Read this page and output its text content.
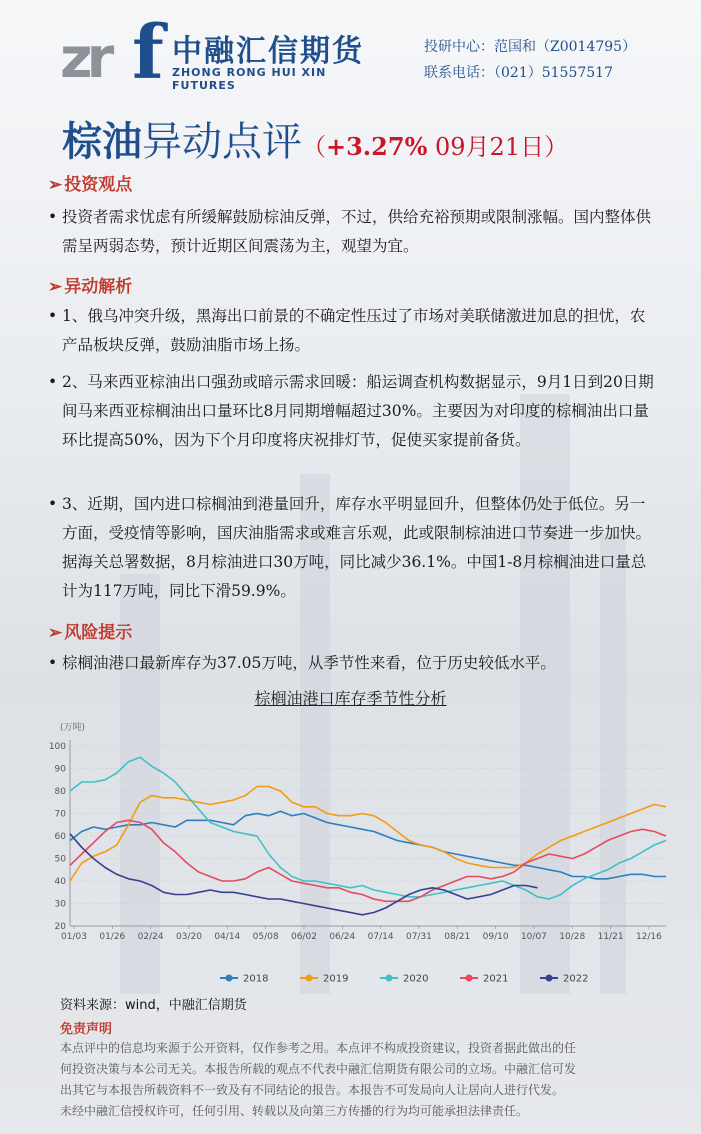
zr f 中融汇信期货
ZHONG RONG HUI XIN FUTURES
投研中心：范国和（Z0014795）
联系电话：（021）51557517
棕油异动点评（+3.27% 09月21日）
➢ 投资观点
• 投资者需求忧虑有所缓解鼓励棕油反弹，不过，供给充裕预期或限制涨幅。国内整体供需呈两弱态势，预计近期区间震荡为主，观望为宜。
➢ 异动解析
• 1、俄乌冲突升级，黑海出口前景的不确定性压过了市场对美联储激进加息的担忧，农产品板块反弹，鼓励油脂市场上扬。
• 2、马来西亚棕油出口强劲或暗示需求回暖：船运调查机构数据显示，9月1日到20日期间马来西亚棕榈油出口量环比8月同期增幅超过30%。主要因为对印度的棕榈油出口量环比提高50%，因为下个月印度将庆祝排灯节，促使买家提前备货。
• 3、近期，国内进口棕榈油到港量回升，库存水平明显回升，但整体仍处于低位。另一方面，受疫情等影响，国庆油脂需求或难言乐观，此或限制棕油进口节奏进一步加快。据海关总署数据，8月棕油进口30万吨，同比减少36.1%。中国1-8月棕榈油进口量总计为117万吨，同比下滑59.9%。
➢ 风险提示
• 棕榈油港口最新库存为37.05万吨，从季节性来看，位于历史较低水平。
棕榈油港口库存季节性分析
(万吨)
20
30
40
50
60
70
80
90
100
01/03 01/26 02/24 03/20 04/14 05/08 06/02 06/24 07/14 07/31 08/21 09/10 10/07 10/28 11/21 12/16
2018	2019	2020	2021	2022
资料来源：wind，中融汇信期货
免责声明
本点评中的信息均来源于公开资料，仅作参考之用。本点评不构成投资建议，投资者据此做出的任
何投资决策与本公司无关。本报告所载的观点不代表中融汇信期货有限公司的立场。中融汇信可发
出其它与本报告所载资料不一致及有不同结论的报告。本报告不可发局向人让居向人进行代发。
未经中融汇信授权许可，任何引用、转载以及向第三方传播的行为均可能承担法律责任。
